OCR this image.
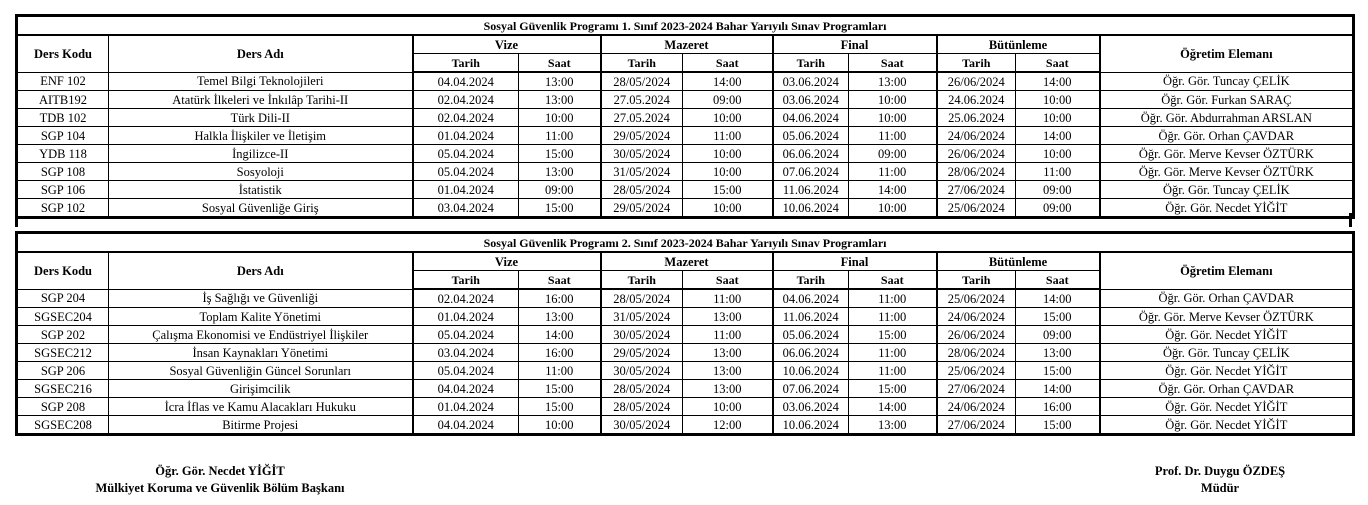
Sosyal Güvenlik Programı 1. Sınıf 2023-2024 Bahar Yarıyılı Sınav Programları										
Ders Kodu	Ders Adı	Vize		Mazeret		Final		Bütünleme		Öğretim Elemanı
		Tarih	Saat	Tarih	Saat	Tarih	Saat	Tarih	Saat	
ENF 102	Temel Bilgi Teknolojileri	04.04.2024	13:00	28/05/2024	14:00	03.06.2024	13:00	26/06/2024	14:00	Öğr. Gör. Tuncay ÇELİK
AITB192	Atatürk İlkeleri ve İnkılâp Tarihi-II	02.04.2024	13:00	27.05.2024	09:00	03.06.2024	10:00	24.06.2024	10:00	Öğr. Gör. Furkan SARAÇ
TDB 102	Türk Dili-II	02.04.2024	10:00	27.05.2024	10:00	04.06.2024	10:00	25.06.2024	10:00	Öğr. Gör. Abdurrahman ARSLAN
SGP 104	Halkla İlişkiler ve İletişim	01.04.2024	11:00	29/05/2024	11:00	05.06.2024	11:00	24/06/2024	14:00	Öğr. Gör. Orhan ÇAVDAR
YDB 118	İngilizce-II	05.04.2024	15:00	30/05/2024	10:00	06.06.2024	09:00	26/06/2024	10:00	Öğr. Gör. Merve Kevser ÖZTÜRK
SGP 108	Sosyoloji	05.04.2024	13:00	31/05/2024	10:00	07.06.2024	11:00	28/06/2024	11:00	Öğr. Gör. Merve Kevser ÖZTÜRK
SGP 106	İstatistik	01.04.2024	09:00	28/05/2024	15:00	11.06.2024	14:00	27/06/2024	09:00	Öğr. Gör. Tuncay ÇELİK
SGP 102	Sosyal Güvenliğe Giriş	03.04.2024	15:00	29/05/2024	10:00	10.06.2024	10:00	25/06/2024	09:00	Öğr. Gör. Necdet YİĞİT
Sosyal Güvenlik Programı 2. Sınıf 2023-2024 Bahar Yarıyılı Sınav Programları										
Ders Kodu	Ders Adı	Vize		Mazeret		Final		Bütünleme		Öğretim Elemanı
		Tarih	Saat	Tarih	Saat	Tarih	Saat	Tarih	Saat	
SGP 204	İş Sağlığı ve Güvenliği	02.04.2024	16:00	28/05/2024	11:00	04.06.2024	11:00	25/06/2024	14:00	Öğr. Gör. Orhan ÇAVDAR
SGSEC204	Toplam Kalite Yönetimi	01.04.2024	13:00	31/05/2024	13:00	11.06.2024	11:00	24/06/2024	15:00	Öğr. Gör. Merve Kevser ÖZTÜRK
SGP 202	Çalışma Ekonomisi ve Endüstriyel İlişkiler	05.04.2024	14:00	30/05/2024	11:00	05.06.2024	15:00	26/06/2024	09:00	Öğr. Gör. Necdet YİĞİT
SGSEC212	İnsan Kaynakları Yönetimi	03.04.2024	16:00	29/05/2024	13:00	06.06.2024	11:00	28/06/2024	13:00	Öğr. Gör. Tuncay ÇELİK
SGP 206	Sosyal Güvenliğin Güncel Sorunları	05.04.2024	11:00	30/05/2024	13:00	10.06.2024	11:00	25/06/2024	15:00	Öğr. Gör. Necdet YİĞİT
SGSEC216	Girişimcilik	04.04.2024	15:00	28/05/2024	13:00	07.06.2024	15:00	27/06/2024	14:00	Öğr. Gör. Orhan ÇAVDAR
SGP 208	İcra İflas ve Kamu Alacakları Hukuku	01.04.2024	15:00	28/05/2024	10:00	03.06.2024	14:00	24/06/2024	16:00	Öğr. Gör. Necdet YİĞİT
SGSEC208	Bitirme Projesi	04.04.2024	10:00	30/05/2024	12:00	10.06.2024	13:00	27/06/2024	15:00	Öğr. Gör. Necdet YİĞİT
Öğr. Gör. Necdet YİĞİT
Mülkiyet Koruma ve Güvenlik Bölüm Başkanı
Prof. Dr. Duygu ÖZDEŞ
Müdür
